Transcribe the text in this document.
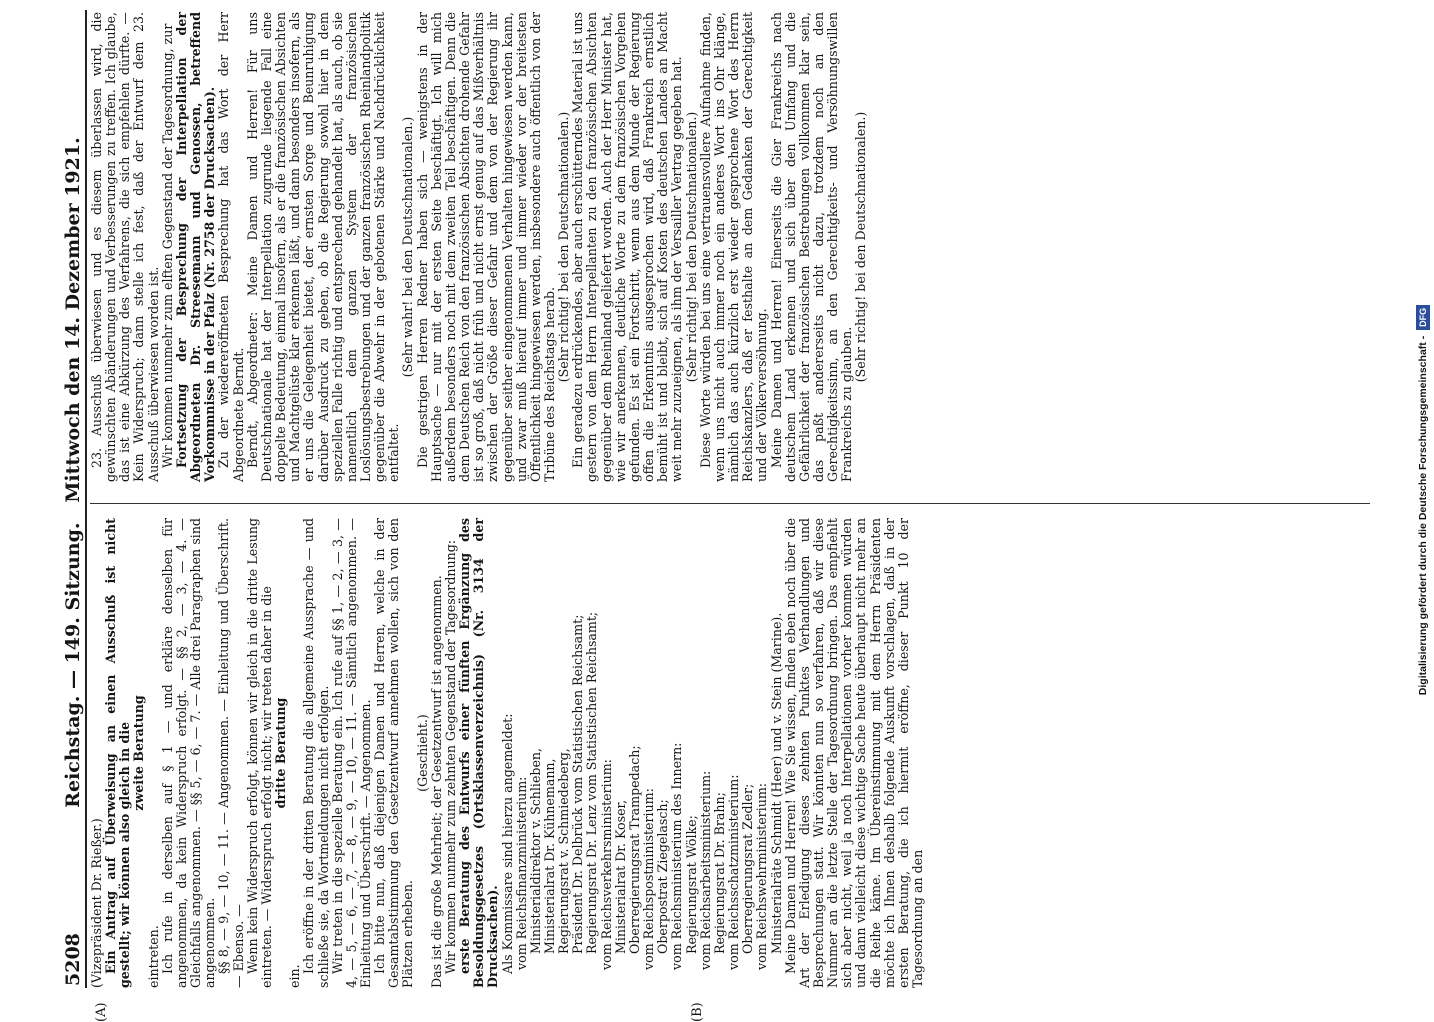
5208
Reichstag. — 149. Sitzung.   Mittwoch den 14. Dezember 1921.
(A)	(B)

(Vizepräsident Dr. Rießer.) Ein Antrag auf Überweisung an einen Ausschuß ist nicht gestellt; wir können also gleich in die zweite Beratung

eintreten. Ich rufe in derselben auf § 1 — und erkläre denselben für angenommen, da kein Widerspruch erfolgt. — §§ 2, — 3, — 4. — Gleichfalls angenommen. — §§ 5, — 6, — 7. — Alle drei Paragraphen sind angenommen. §§ 8, — 9, — 10, — 11. — Angenommen. — Einleitung und Überschrift. — Ebenso. — Wenn kein Widerspruch erfolgt, können wir gleich in die dritte Lesung eintreten. — Widerspruch erfolgt nicht; wir treten daher in die dritte Beratung

ein.

Ich eröffne in der dritten Beratung die allgemeine Aussprache — und schließe sie, da Wortmeldungen nicht erfolgen. Wir treten in die spezielle Beratung ein. Ich rufe auf §§ 1, — 2, — 3, — 4, — 5, — 6, — 7, — 8, — 9, — 10, — 11. — Sämtlich angenommen. — Einleitung und Überschrift. — Angenommen. Ich bitte nun, daß diejenigen Damen und Herren, welche in der Gesamtabstimmung den Gesetzentwurf annehmen wollen, sich von den Plätzen erheben.

(Geschieht.) Das ist die große Mehrheit; der Gesetzentwurf ist angenommen. Wir kommen nunmehr zum zehnten Gegenstand der Tagesordnung: erste Beratung des Entwurfs einer fünften Ergänzung des Besoldungsgesetzes (Ortsklassenverzeichnis) (Nr. 3134 der Drucksachen). Als Kommissare sind hierzu angemeldet: vom Reichsfinanzministerium: Ministerialdirektor v. Schlieben, Ministerialrat Dr. Kühnemann, Regierungsrat v. Schmiedeberg, Präsident Dr. Delbrück vom Statistischen Reichsamt; Regierungsrat Dr. Lenz vom Statistischen Reichsamt; vom Reichsverkehrsministerium: Ministerialrat Dr. Koser, Oberregierungsrat Trampedach; vom Reichspostministerium: Oberpostrat Ziegelasch; vom Reichsministerium des Innern: Regierungsrat Wölke; vom Reichsarbeitsministerium: Regierungsrat Dr. Brahn; vom Reichsschatzministerium: Oberregierungsrat Zedler; vom Reichswehrministerium: Ministerialräte Schmidt (Heer) und v. Stein (Marine). Meine Damen und Herren! Wie Sie wissen, finden eben noch über die Art der Erledigung dieses zehnten Punktes Verhandlungen und Besprechungen statt. Wir könnten nun so verfahren, daß wir diese Nummer an die letzte Stelle der Tagesordnung bringen. Das empfiehlt sich aber nicht, weil ja noch Interpellationen vorher kommen würden und dann vielleicht diese wichtige Sache heute überhaupt nicht mehr an die Reihe käme. Im Übereinstimmung mit dem Herrn Präsidenten möchte ich Ihnen deshalb folgende Auskunft vorschlagen, daß in der ersten Beratung, die ich hiermit eröffne, dieser Punkt 10 der Tagesordnung an den

23. Ausschuß überwiesen und es diesem überlassen wird, die gewünschten Abänderungen und Verbesserungen zu treffen. Ich glaube, das ist eine Abkürzung des Verfahrens, die sich empfehlen dürfte. — Kein Widerspruch; dann stelle ich fest, daß der Entwurf dem 23. Ausschuß überwiesen worden ist. Wir kommen nunmehr zum elften Gegenstand der Tagesordnung, zur Fortsetzung der Besprechung der Interpellation der Abgeordneten Dr. Streesemann und Genossen, betreffend Vorkommnisse in der Pfalz (Nr. 2758 der Drucksachen). Zu der wiedereröffneten Besprechung hat das Wort der Herr Abgeordnete Berndt. Berndt, Abgeordneter: Meine Damen und Herren! Für uns Deutschnationale hat der Interpellation zugrunde liegende Fall eine doppelte Bedeutung, einmal insofern, als er die französischen Absichten und Machtgelüste klar erkennen läßt, und dann besonders insofern, als er uns die Gelegenheit bietet, der ernsten Sorge und Beunruhigung darüber Ausdruck zu geben, ob die Regierung sowohl hier in dem speziellen Falle richtig und entsprechend gehandelt hat, als auch, ob sie namentlich dem ganzen System der französischen Loslösungsbestrebungen und der ganzen französischen Rheinlandpolitik gegenüber die Abwehr in der gebotenen Stärke und Nachdrücklichkeit entfaltet.

(Sehr wahr! bei den Deutschnationalen.) Die gestrigen Herren Redner haben sich — wenigstens in der Hauptsache — nur mit der ersten Seite beschäftigt. Ich will mich außerdem besonders noch mit dem zweiten Teil beschäftigen. Denn die dem Deutschen Reich von den französischen Absichten drohende Gefahr ist so groß, daß nicht früh und nicht ernst genug auf das Mißverhältnis zwischen der Größe dieser Gefahr und dem von der Regierung ihr gegenüber seither eingenommenen Verhalten hingewiesen werden kann, und zwar muß hierauf immer und immer wieder vor der breitesten Öffentlichkeit hingewiesen werden, insbesondere auch öffentlich von der Tribüne des Reichstags herab.

(Sehr richtig! bei den Deutschnationalen.) Ein geradezu erdrückendes, aber auch erschütterndes Material ist uns gestern von dem Herrn Interpellanten zu den französischen Absichten gegenüber dem Rheinland geliefert worden. Auch der Herr Minister hat, wie wir anerkennen, deutliche Worte zu dem französischen Vorgehen gefunden. Es ist ein Fortschritt, wenn aus dem Munde der Regierung offen die Erkenntnis ausgesprochen wird, daß Frankreich ernstlich bemüht ist und bleibt, sich auf Kosten des deutschen Landes an Macht weit mehr zuzueignen, als ihm der Versailler Vertrag gegeben hat. (Sehr richtig! bei den Deutschnationalen.) Diese Worte würden bei uns eine vertrauensvollere Aufnahme finden, wenn uns nicht auch immer noch ein anderes Wort ins Ohr klänge, nämlich das auch kürzlich erst wieder gesprochene Wort des Herrn Reichskanzlers, daß er festhalte an dem Gedanken der Gerechtigkeit und der Völkerversöhnung. Meine Damen und Herren! Einerseits die Gier Frankreichs nach deutschem Land erkennen und sich über den Umfang und die Gefährlichkeit der französischen Bestrebungen vollkommen klar sein, das paßt andererseits nicht dazu, trotzdem noch an den Gerechtigkeitssinn, an den Gerechtigkeits- und Versöhnungswillen Frankreichs zu glauben.

(Sehr richtig! bei den Deutschnationalen.)

Digitalisierung gefördert durch die Deutsche Forschungsgemeinschaft -
DFG
